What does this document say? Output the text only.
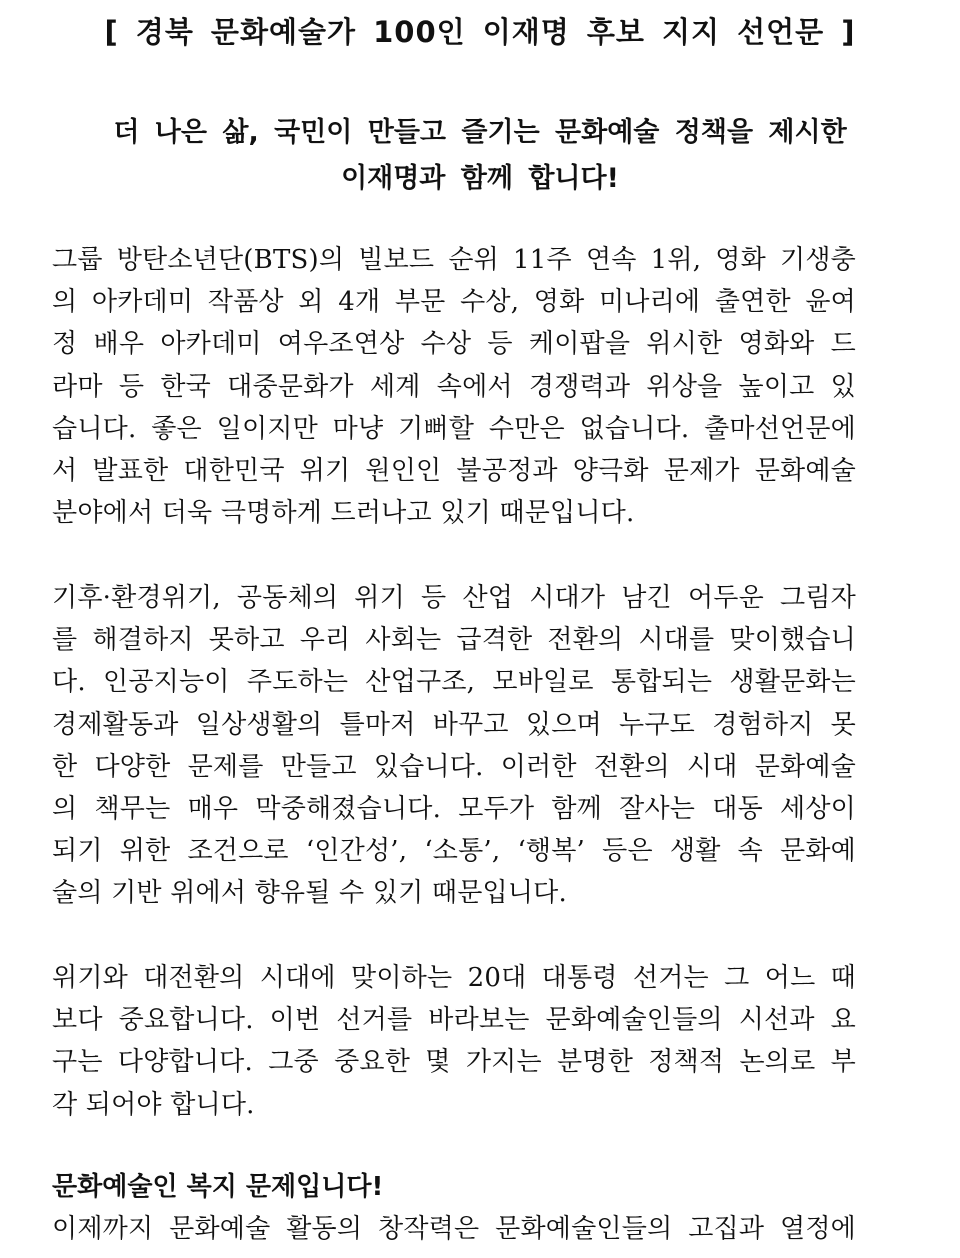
[ 경북 문화예술가 100인 이재명 후보 지지 선언문 ]
더 나은 삶, 국민이 만들고 즐기는 문화예술 정책을 제시한
이재명과 함께 합니다!
그룹 방탄소년단(BTS)의 빌보드 순위 11주 연속 1위, 영화 기생충
의 아카데미 작품상 외 4개 부문 수상, 영화 미나리에 출연한 윤여
정 배우 아카데미 여우조연상 수상 등 케이팝을 위시한 영화와 드
라마 등 한국 대중문화가 세계 속에서 경쟁력과 위상을 높이고 있
습니다. 좋은 일이지만 마냥 기뻐할 수만은 없습니다. 출마선언문에
서 발표한 대한민국 위기 원인인 불공정과 양극화 문제가 문화예술
분야에서 더욱 극명하게 드러나고 있기 때문입니다.
기후·환경위기, 공동체의 위기 등 산업 시대가 남긴 어두운 그림자
를 해결하지 못하고 우리 사회는 급격한 전환의 시대를 맞이했습니
다. 인공지능이 주도하는 산업구조, 모바일로 통합되는 생활문화는
경제활동과 일상생활의 틀마저 바꾸고 있으며 누구도 경험하지 못
한 다양한 문제를 만들고 있습니다. 이러한 전환의 시대 문화예술
의 책무는 매우 막중해졌습니다. 모두가 함께 잘사는 대동 세상이
되기 위한 조건으로 ‘인간성’, ‘소통’, ‘행복’ 등은 생활 속 문화예
술의 기반 위에서 향유될 수 있기 때문입니다.
위기와 대전환의 시대에 맞이하는 20대 대통령 선거는 그 어느 때
보다 중요합니다. 이번 선거를 바라보는 문화예술인들의 시선과 요
구는 다양합니다. 그중 중요한 몇 가지는 분명한 정책적 논의로 부
각 되어야 합니다.
문화예술인 복지 문제입니다!
이제까지 문화예술 활동의 창작력은 문화예술인들의 고집과 열정에
